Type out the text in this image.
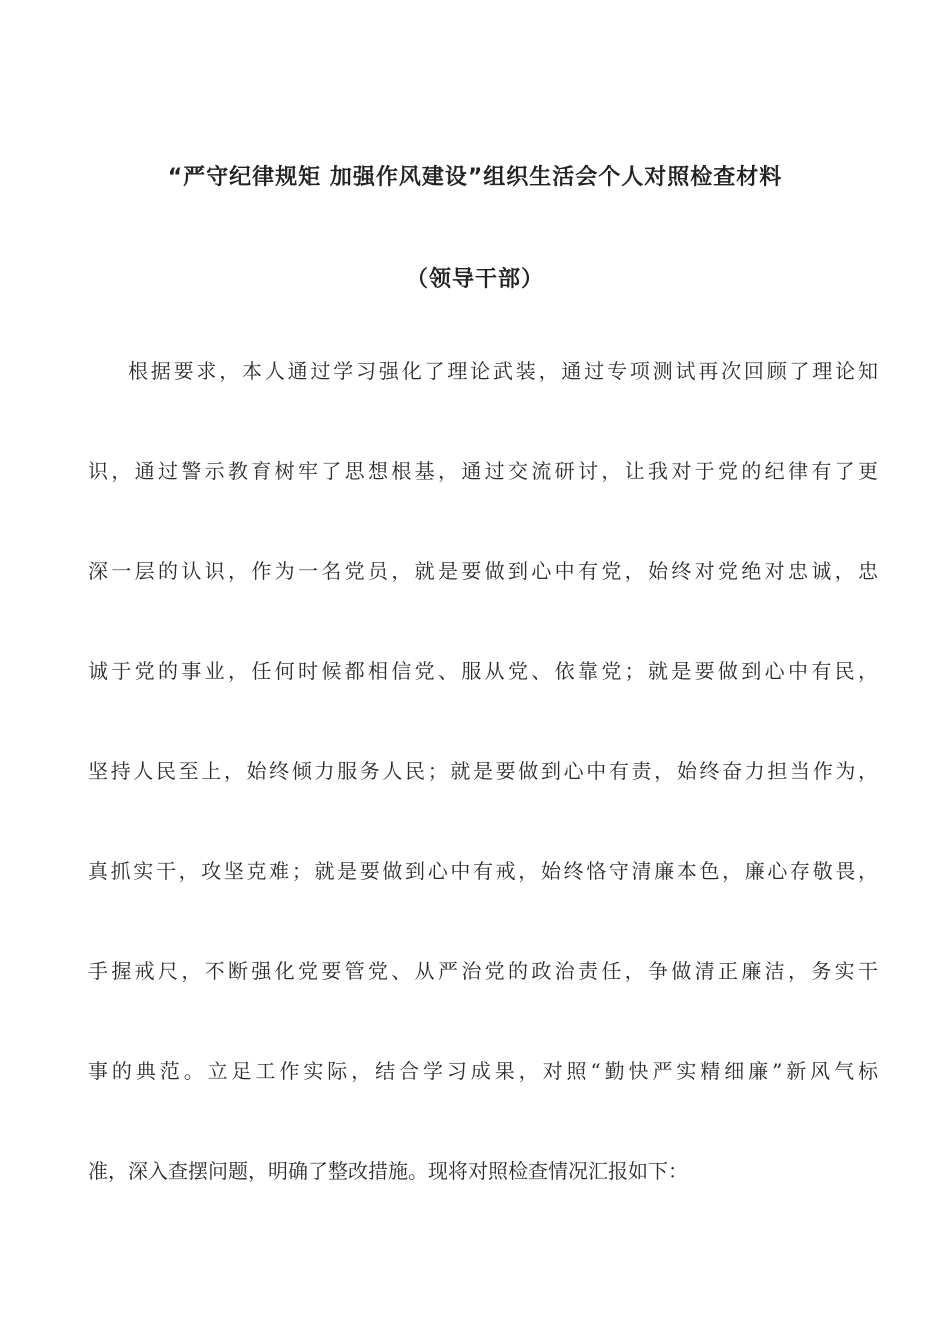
“严守纪律规矩 加强作风建设”组织生活会个人对照检查材料
（领导干部）
根据要求，本人通过学习强化了理论武装，通过专项测试再次回顾了理论知
识，通过警示教育树牢了思想根基，通过交流研讨，让我对于党的纪律有了更
深一层的认识，作为一名党员，就是要做到心中有党，始终对党绝对忠诚，忠
诚于党的事业，任何时候都相信党、服从党、依靠党；就是要做到心中有民，
坚持人民至上，始终倾力服务人民；就是要做到心中有责，始终奋力担当作为，
真抓实干，攻坚克难；就是要做到心中有戒，始终恪守清廉本色，廉心存敬畏，
手握戒尺，不断强化党要管党、从严治党的政治责任，争做清正廉洁，务实干
事的典范。立足工作实际，结合学习成果，对照“勤快严实精细廉”新风气标
准，深入查摆问题，明确了整改措施。现将对照检查情况汇报如下：
